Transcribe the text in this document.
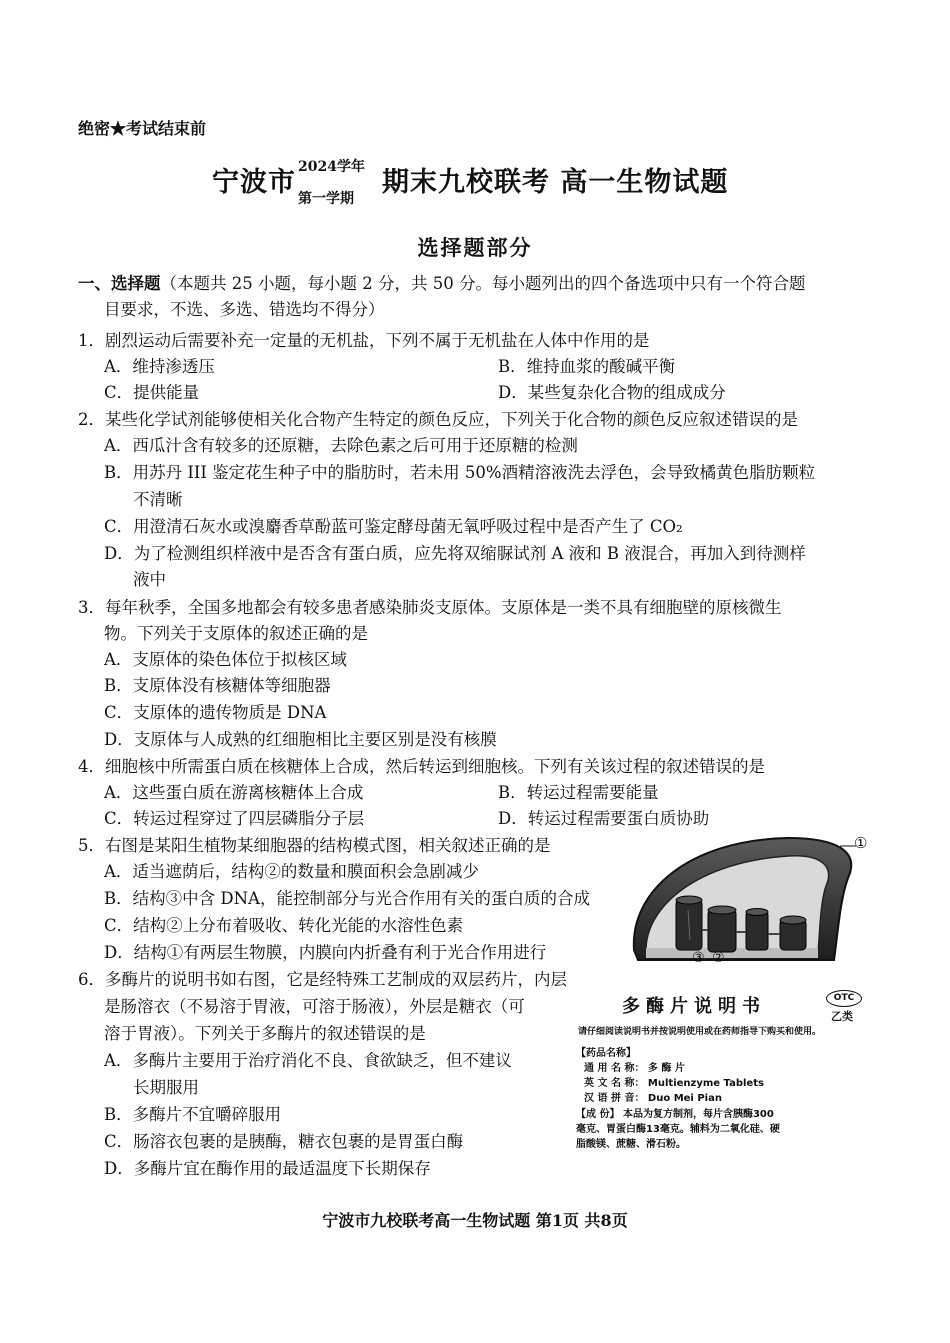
绝密★考试结束前
宁波市 2024学年
第一学期
期末九校联考 高一生物试题
选择题部分
一、选择题（本题共 25 小题，每小题 2 分，共 50 分。每小题列出的四个备选项中只有一个符合题
目要求，不选、多选、错选均不得分）
1．剧烈运动后需要补充一定量的无机盐，下列不属于无机盐在人体中作用的是
A．维持渗透压	B．维持血浆的酸碱平衡
C．提供能量	D．某些复杂化合物的组成成分
2．某些化学试剂能够使相关化合物产生特定的颜色反应，下列关于化合物的颜色反应叙述错误的是
A．西瓜汁含有较多的还原糖，去除色素之后可用于还原糖的检测
B．用苏丹 III 鉴定花生种子中的脂肪时，若未用 50%酒精溶液洗去浮色，会导致橘黄色脂肪颗粒
不清晰
C．用澄清石灰水或溴麝香草酚蓝可鉴定酵母菌无氧呼吸过程中是否产生了 CO₂
D．为了检测组织样液中是否含有蛋白质，应先将双缩脲试剂 A 液和 B 液混合，再加入到待测样
液中
3．每年秋季，全国多地都会有较多患者感染肺炎支原体。支原体是一类不具有细胞壁的原核微生
物。下列关于支原体的叙述正确的是
A．支原体的染色体位于拟核区域
B．支原体没有核糖体等细胞器
C．支原体的遗传物质是 DNA
D．支原体与人成熟的红细胞相比主要区别是没有核膜
4．细胞核中所需蛋白质在核糖体上合成，然后转运到细胞核。下列有关该过程的叙述错误的是
A．这些蛋白质在游离核糖体上合成	B．转运过程需要能量
C．转运过程穿过了四层磷脂分子层	D．转运过程需要蛋白质协助
5．右图是某阳生植物某细胞器的结构模式图，相关叙述正确的是
A．适当遮荫后，结构②的数量和膜面积会急剧减少
B．结构③中含 DNA，能控制部分与光合作用有关的蛋白质的合成
C．结构②上分布着吸收、转化光能的水溶性色素
D．结构①有两层生物膜，内膜向内折叠有利于光合作用进行
①
②
③
6．多酶片的说明书如右图，它是经特殊工艺制成的双层药片，内层
是肠溶衣（不易溶于胃液，可溶于肠液），外层是糖衣（可
溶于胃液）。下列关于多酶片的叙述错误的是
A．多酶片主要用于治疗消化不良、食欲缺乏，但不建议
长期服用
B．多酶片不宜嚼碎服用
C．肠溶衣包裹的是胰酶，糖衣包裹的是胃蛋白酶
D．多酶片宜在酶作用的最适温度下长期保存
多酶片说明书	OTC
乙类
请仔细阅读说明书并按说明使用或在药师指导下购买和使用。
【药品名称】
通 用 名 称： 多 酶 片
英 文 名 称： Multienzyme Tablets
汉 语 拼 音： Duo Mei Pian
【成 份】 本品为复方制剂，每片含胰酶300
毫克、胃蛋白酶13毫克。辅料为二氧化硅、硬
脂酸镁、蔗糖、滑石粉。
宁波市九校联考高一生物试题 第1页 共8页
